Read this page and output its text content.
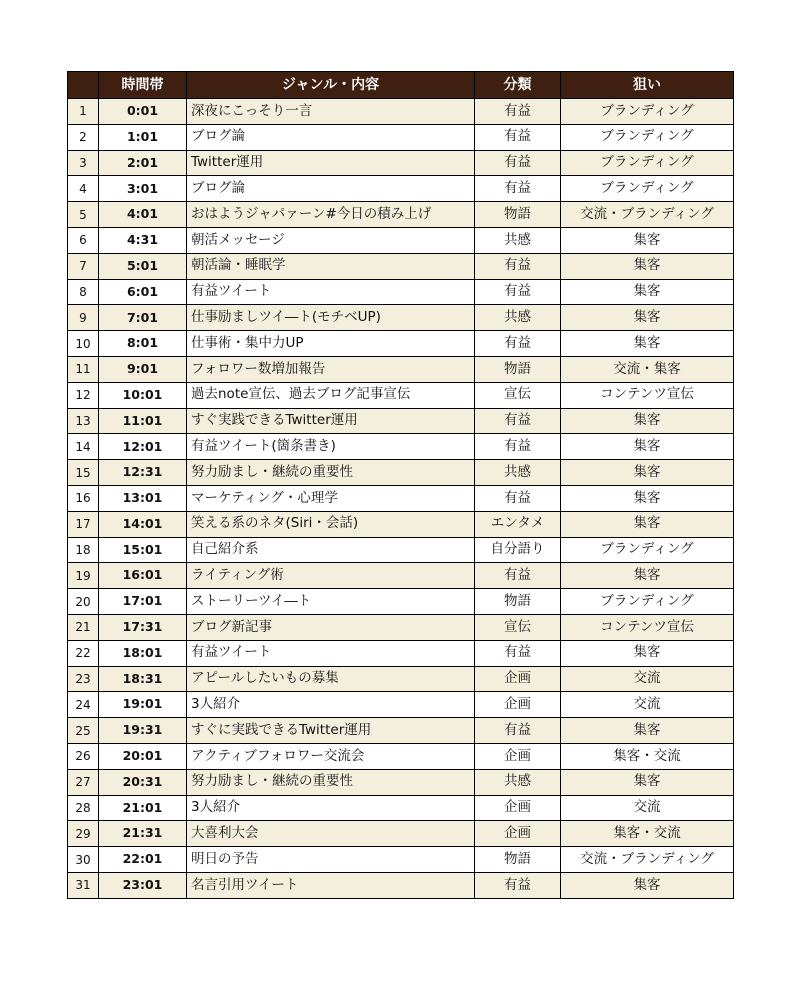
	時間帯	ジャンル・内容	分類	狙い
1	0:01	深夜にこっそり一言	有益	ブランディング
2	1:01	ブログ論	有益	ブランディング
3	2:01	Twitter運用	有益	ブランディング
4	3:01	ブログ論	有益	ブランディング
5	4:01	おはようジャパァーン#今日の積み上げ	物語	交流・ブランディング
6	4:31	朝活メッセージ	共感	集客
7	5:01	朝活論・睡眠学	有益	集客
8	6:01	有益ツイート	有益	集客
9	7:01	仕事励ましツイ―ト(モチベUP)	共感	集客
10	8:01	仕事術・集中力UP	有益	集客
11	9:01	フォロワー数増加報告	物語	交流・集客
12	10:01	過去note宣伝、過去ブログ記事宣伝	宣伝	コンテンツ宣伝
13	11:01	すぐ実践できるTwitter運用	有益	集客
14	12:01	有益ツイート(箇条書き)	有益	集客
15	12:31	努力励まし・継続の重要性	共感	集客
16	13:01	マーケティング・心理学	有益	集客
17	14:01	笑える系のネタ(Siri・会話)	エンタメ	集客
18	15:01	自己紹介系	自分語り	ブランディング
19	16:01	ライティング術	有益	集客
20	17:01	ストーリーツイ―ト	物語	ブランディング
21	17:31	ブログ新記事	宣伝	コンテンツ宣伝
22	18:01	有益ツイート	有益	集客
23	18:31	アピールしたいもの募集	企画	交流
24	19:01	3人紹介	企画	交流
25	19:31	すぐに実践できるTwitter運用	有益	集客
26	20:01	アクティブフォロワー交流会	企画	集客・交流
27	20:31	努力励まし・継続の重要性	共感	集客
28	21:01	3人紹介	企画	交流
29	21:31	大喜利大会	企画	集客・交流
30	22:01	明日の予告	物語	交流・ブランディング
31	23:01	名言引用ツイート	有益	集客
